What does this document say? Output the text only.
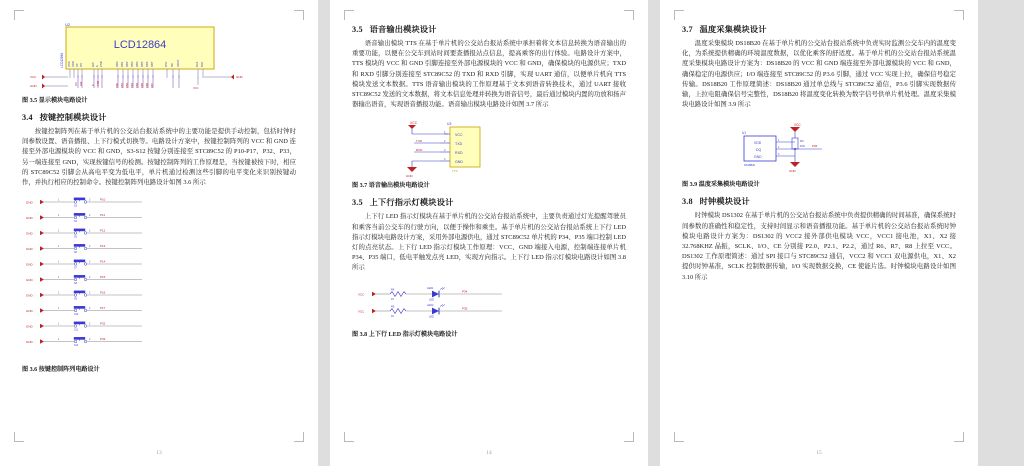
U2
LCD12864
LCD12864 VSS VDD V0 RS	RW E PSB	DB0 DB1 DB2 DB3 DB4 DB5 DB6 DB7	RST NC VOUT	BLA BLK
RS RW	E PSB	DB0 DB1 DB2 DB3 DB4 DB5 DB6 DB7
VCC
GND
GND
VCC
图 3.5 显示模块电路设计
3.4 按键控制模块设计

按键控制阵列在基于单片机的公交站台报站系统中的主要功能是提供手动控制，包括时钟时间参数设置、语音播报、上下行模式切换等。电路设计方案中，按键控制阵列的 VCC 和 GND 连接至外部电源模块的 VCC 和 GND，S3-S12 按键分别连接至 STC89C52 的 P10-P17、P32、P33，另一端连接至 GND，实现按键信号的检测。按键控制阵列的工作原理是，当按键被按下时，相应的 STC89C52 引脚会从高电平变为低电平，单片机通过检测这些引脚的电平变化来识别按键动作，并执行相应的控制命令。按键控制阵列电路设计如图 3.6 所示

GND
1
S3
2	P10
GND
1
S4
2	P11
GND
1
S5
2	P12
GND
1
S6
2	P13
GND
1
S7
2	P14
GND
1
S8
2	P15
GND
1
S9
2	P16
GND
1
S10
2	P17
GND
1
S11
2	P32
GND
1
S12
2	P33
图 3.6 按键控制阵列电路设计
13
3.5 语音输出模块设计

语音输出模块 TTS 在基于单片机的公交站台报站系统中承担着将文本信息转换为语音输出的重要功能，以便在公交车到站时间要查播报站点信息，提高乘客的出行体验。电路设计方案中，TTS 模块的 VCC 和 GND 引脚连接至外部电源模块的 VCC 和 GND，确保模块的电源供应；TXD 和 RXD 引脚分别连接至 STC89C52 的 TXD 和 RXD 引脚，实现 UART 通信，以便单片机向 TTS 模块发送文本数据。TTS 语音输出模块的工作原理基于文本到语音转换技术，通过 UART 接收 STC89C52 发送的文本数据，将文本信息处理并转换为语音信号，最后通过模块内置的功放和扬声器输出语音，实现语音播报功能。语音输出模块电路设计如图 3.7 所示

VCC	U3
VCC
TXD
RXD
GND
TTS
1
2
3
4
TXD
RXD
GND
图 3.7 语音输出模块电路设计
3.5 上下行指示灯模块设计

上下行 LED 指示灯模块在基于单片机的公交站台报站系统中，主要负责通过灯光提醒驾驶员和乘客当前公交车的行驶方向，以便于操作和乘坐。基于单片机的公交站台报站系统上下行 LED 指示灯模块电路设计方案，采用外部电源供电，通过 STC89C52 单片机的 P34、P35 端口控制 LED 灯的点亮状态。上下行 LED 指示灯模块工作原理：VCC、GND 端接入电源，控制端连接单片机 P34、P35 端口，低电平触发点亮 LED，实现方向指示。上下行 LED 指示灯模块电路设计如图 3.8 所示

VCC
R4
1K
LED1
LED
P34
VCC
R5
1K
LED2
LED
P35
图 3.8 上下行 LED 指示灯模块电路设计
14
3.7 温度采集模块设计

温度采集模块 DS18B20 在基于单片机的公交站台报站系统中负责实时监测公交车内的温度变化，为系统提供精确的环境温度数据，以优化乘客的舒适度。基于单片机的公交站台报站系统温度采集模块电路设计方案为：DS18B20 的 VCC 和 GND 端连接至外部电源模块的 VCC 和 GND，确保稳定的电源供应；I/O 端连接至 STC89C52 的 P3.6 引脚，通过 VCC 实现上拉，确保信号稳定传输。DS18B20 工作原理简述：DS18B20 通过单总线与 STC89C52 通信，P3.6 引脚实现数据传输，上拉电阻确保信号完整性，DS18B20 将温度变化转换为数字信号供单片机处理。温度采集模块电路设计如图 3.9 所示

VCC
R3
10K
U1
VDD
DQ
GND
DS18B20
P36
GND
1
2
3
图 3.9 温度采集模块电路设计
3.8 时钟模块设计

时钟模块 DS1302 在基于单片机的公交站台报站系统中负责提供精确的时间基准，确保系统时间参数的准确性和稳定性，支持时间显示和语音播报功能。基于单片机的公交站台报站系统时钟模块电路设计方案为：DS1302 的 VCC2 接外部供电模块 VCC，VCC1 接电池，X1、X2 接 32.768KHZ 晶振，SCLK、I/O、CE 分别接 P2.0、P2.1、P2.2，通过 R6、R7、R8 上拉至 VCC。DS1302 工作原理简述：通过 SPI 接口与 STC89C52 通信，VCC2 和 VCC1 双电源供电，X1、X2 提供时钟基准，SCLK 控制数据传输，I/O 实现数据交换，CE 使能片选。时钟模块电路设计如图 3.10 所示

15
